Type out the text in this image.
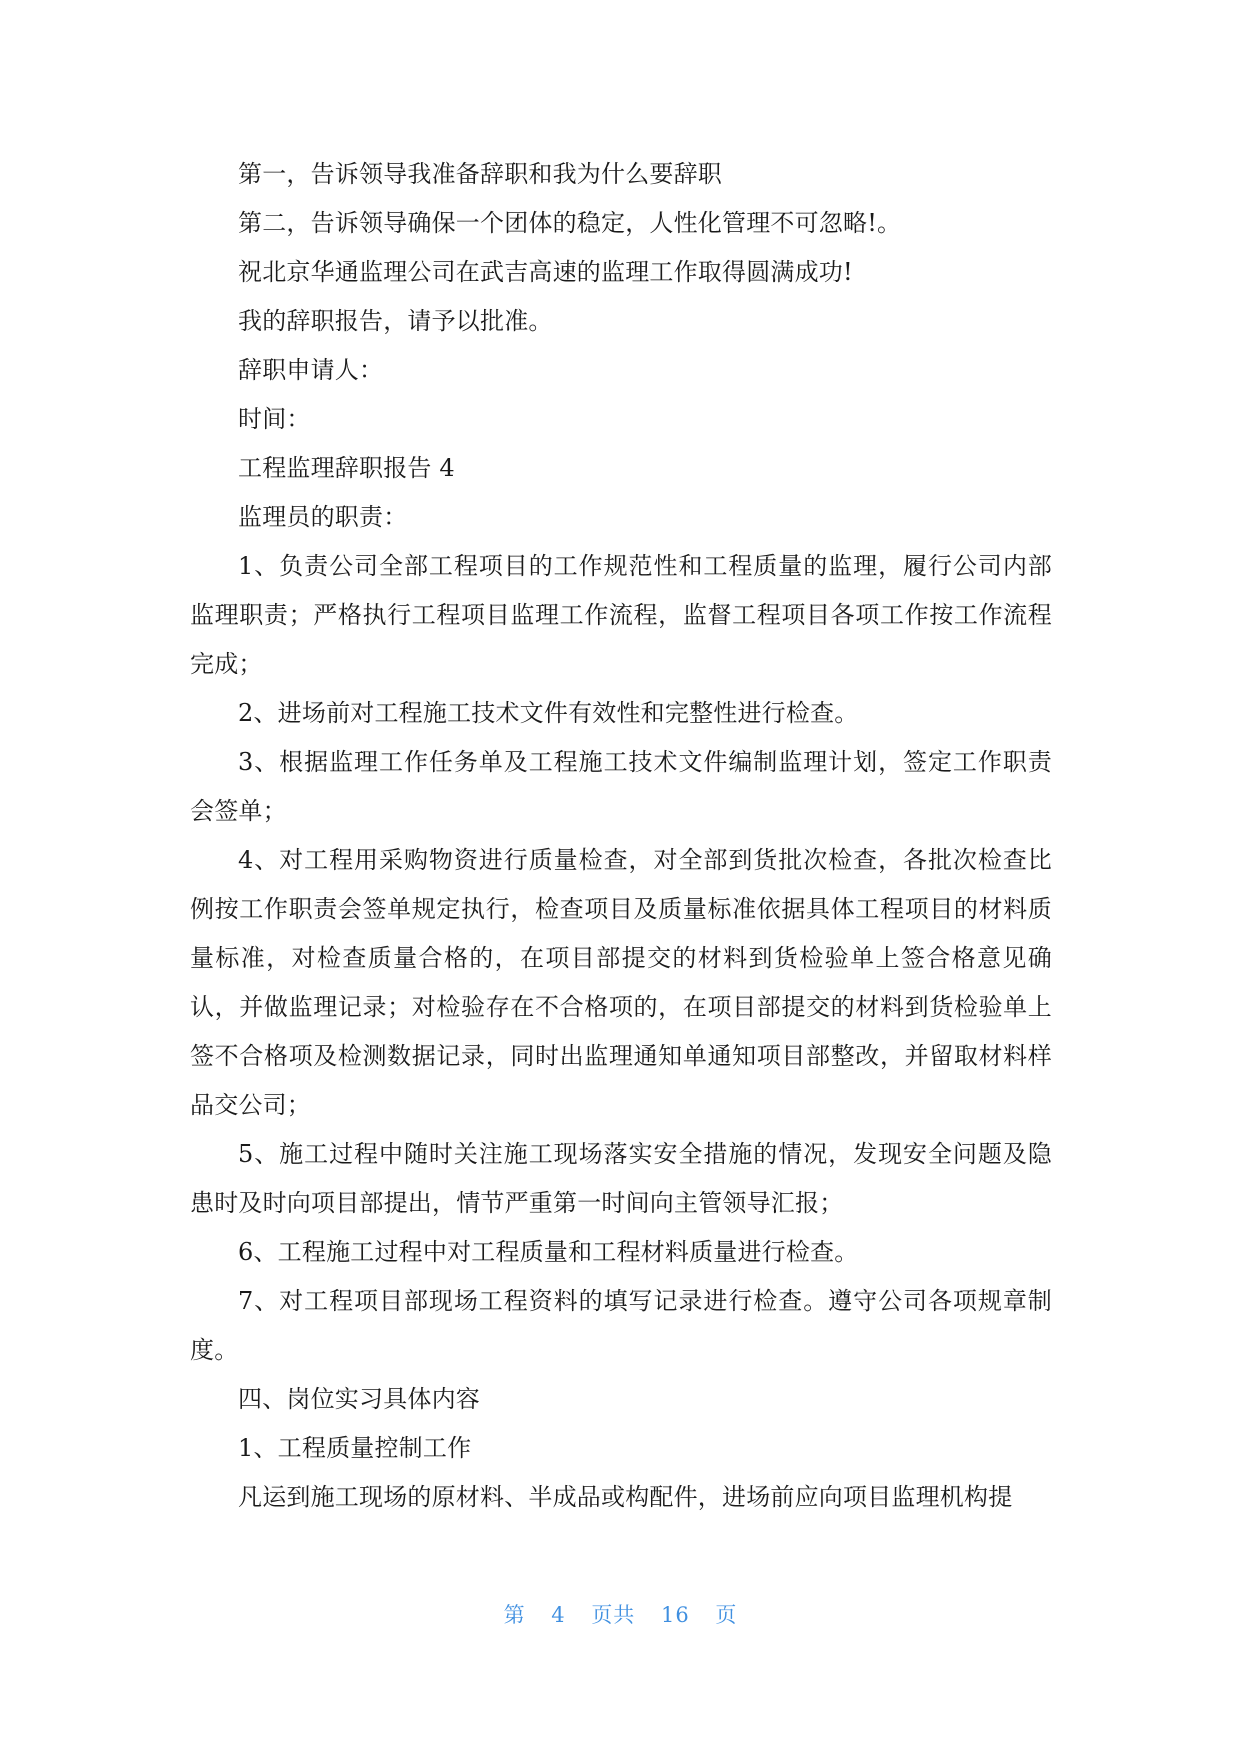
第一，告诉领导我准备辞职和我为什么要辞职

第二，告诉领导确保一个团体的稳定，人性化管理不可忽略!。

祝北京华通监理公司在武吉高速的监理工作取得圆满成功!

我的辞职报告，请予以批准。

辞职申请人：

时间：

工程监理辞职报告 4

监理员的职责：

1、负责公司全部工程项目的工作规范性和工程质量的监理，履行公司内部监理职责；严格执行工程项目监理工作流程，监督工程项目各项工作按工作流程完成；

2、进场前对工程施工技术文件有效性和完整性进行检查。

3、根据监理工作任务单及工程施工技术文件编制监理计划，签定工作职责会签单；

4、对工程用采购物资进行质量检查，对全部到货批次检查，各批次检查比例按工作职责会签单规定执行，检查项目及质量标准依据具体工程项目的材料质量标准，对检查质量合格的，在项目部提交的材料到货检验单上签合格意见确认，并做监理记录；对检验存在不合格项的，在项目部提交的材料到货检验单上签不合格项及检测数据记录，同时出监理通知单通知项目部整改，并留取材料样品交公司；

5、施工过程中随时关注施工现场落实安全措施的情况，发现安全问题及隐患时及时向项目部提出，情节严重第一时间向主管领导汇报；

6、工程施工过程中对工程质量和工程材料质量进行检查。

7、对工程项目部现场工程资料的填写记录进行检查。遵守公司各项规章制度。

四、岗位实习具体内容

1、工程质量控制工作

凡运到施工现场的原材料、半成品或构配件，进场前应向项目监理机构提

第 4 页共 16 页
